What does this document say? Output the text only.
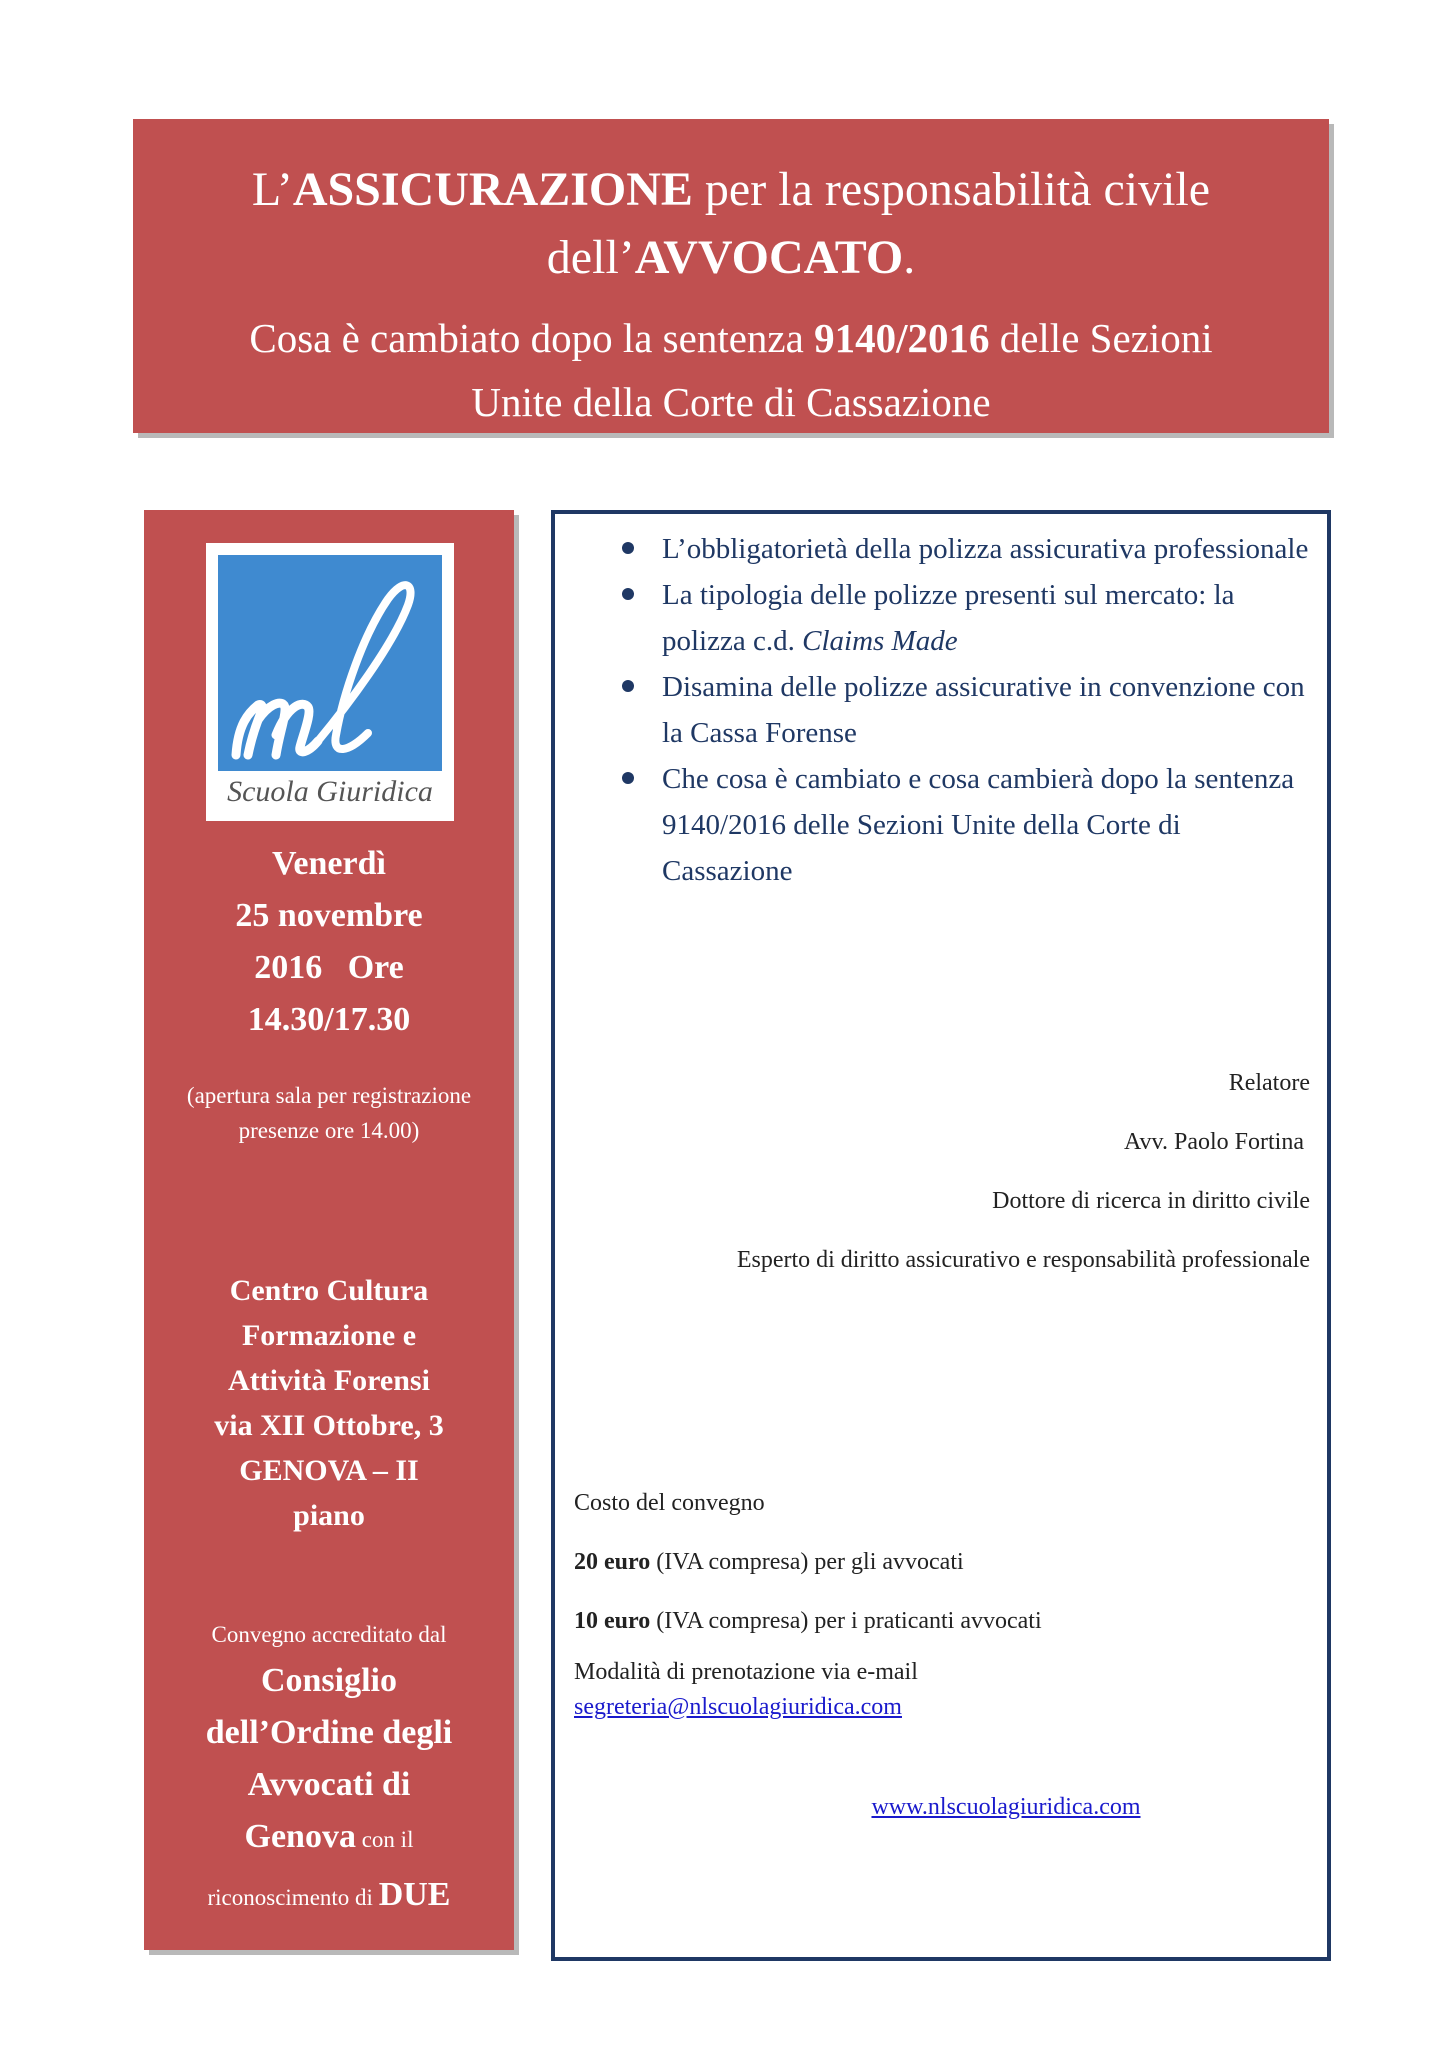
L’ASSICURAZIONE per la responsabilità civile
dell’AVVOCATO.
Cosa è cambiato dopo la sentenza 9140/2016 delle Sezioni
Unite della Corte di Cassazione
Scuola Giuridica
Venerdì
25 novembre
2016   Ore
14.30/17.30
(apertura sala per registrazione presenze ore 14.00)
Centro Cultura
Formazione e
Attività Forensi
via XII Ottobre, 3
GENOVA – II
piano
Convegno accreditato dal
Consiglio
dell’Ordine degli
Avvocati di
Genova con il
riconoscimento di DUE
L’obbligatorietà della polizza assicurativa professionale
La tipologia delle polizze presenti sul mercato: la polizza c.d. Claims Made
Disamina delle polizze assicurative in convenzione con la Cassa Forense
Che cosa è cambiato e cosa cambierà dopo la sentenza 9140/2016 delle Sezioni Unite della Corte di Cassazione
Relatore
Avv. Paolo Fortina
Dottore di ricerca in diritto civile
Esperto di diritto assicurativo e responsabilità professionale
Costo del convegno
20 euro (IVA compresa) per gli avvocati
10 euro (IVA compresa) per i praticanti avvocati
Modalità di prenotazione via e-mail
segreteria@nlscuolagiuridica.com
www.nlscuolagiuridica.com
